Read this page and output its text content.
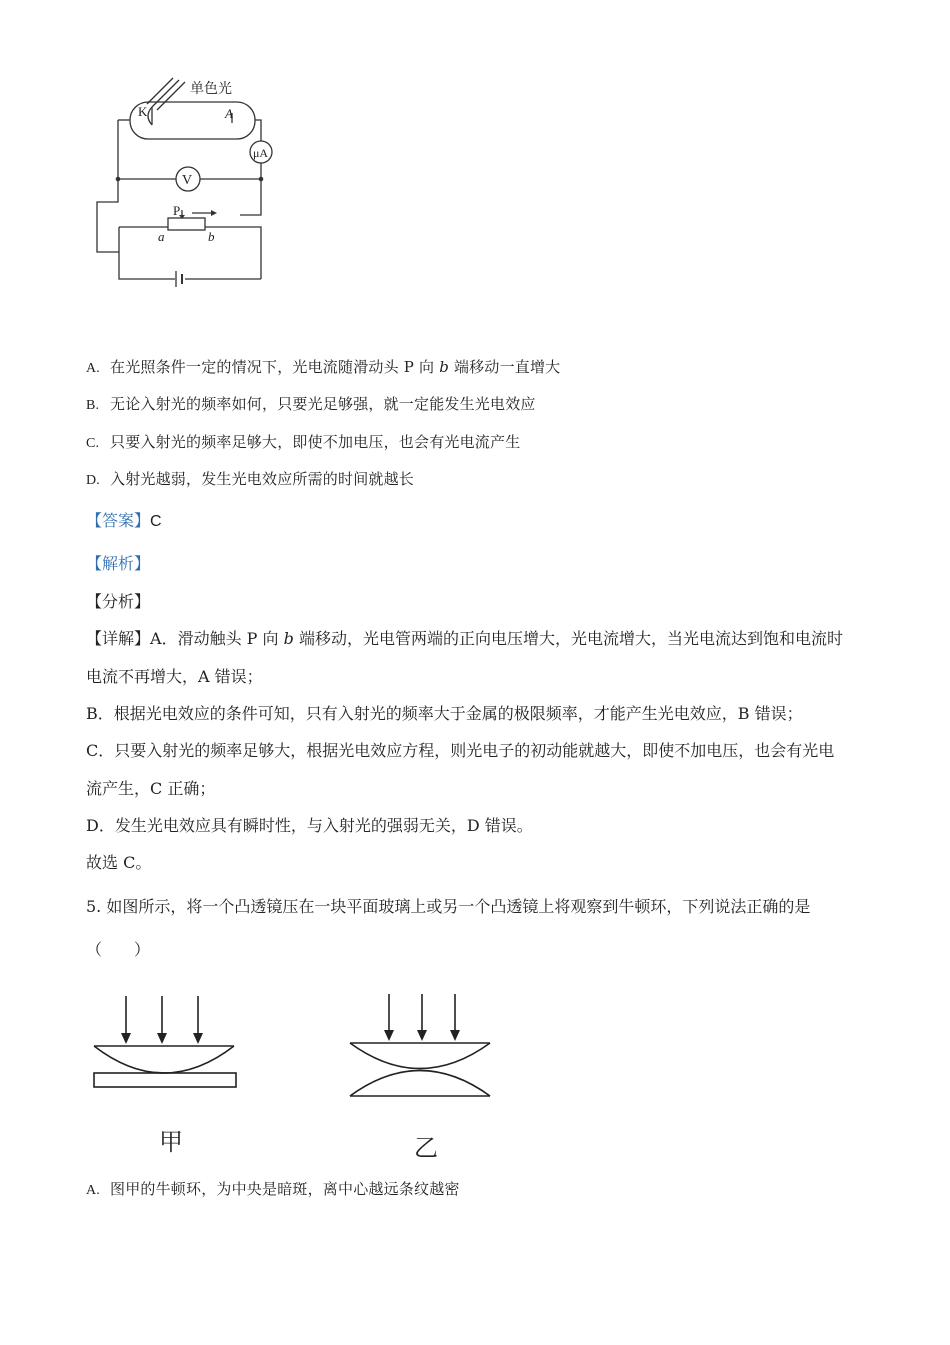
单色光
K	A
μA
V
P
a	b
A. 在光照条件一定的情况下，光电流随滑动头 P 向 b 端移动一直增大
B. 无论入射光的频率如何，只要光足够强，就一定能发生光电效应
C. 只要入射光的频率足够大，即使不加电压，也会有光电流产生
D. 入射光越弱，发生光电效应所需的时间就越长
【答案】C
【解析】
【分析】
【详解】A．滑动触头 P 向 b 端移动，光电管两端的正向电压增大，光电流增大，当光电流达到饱和电流时
电流不再增大，A 错误；
B．根据光电效应的条件可知，只有入射光的频率大于金属的极限频率，才能产生光电效应，B 错误；
C．只要入射光的频率足够大，根据光电效应方程，则光电子的初动能就越大，即使不加电压，也会有光电
流产生，C 正确；
D．发生光电效应具有瞬时性，与入射光的强弱无关，D 错误。
故选 C。
5. 如图所示，将一个凸透镜压在一块平面玻璃上或另一个凸透镜上将观察到牛顿环，下列说法正确的是
（　　）
甲	乙
A. 图甲的牛顿环，为中央是暗斑，离中心越远条纹越密
